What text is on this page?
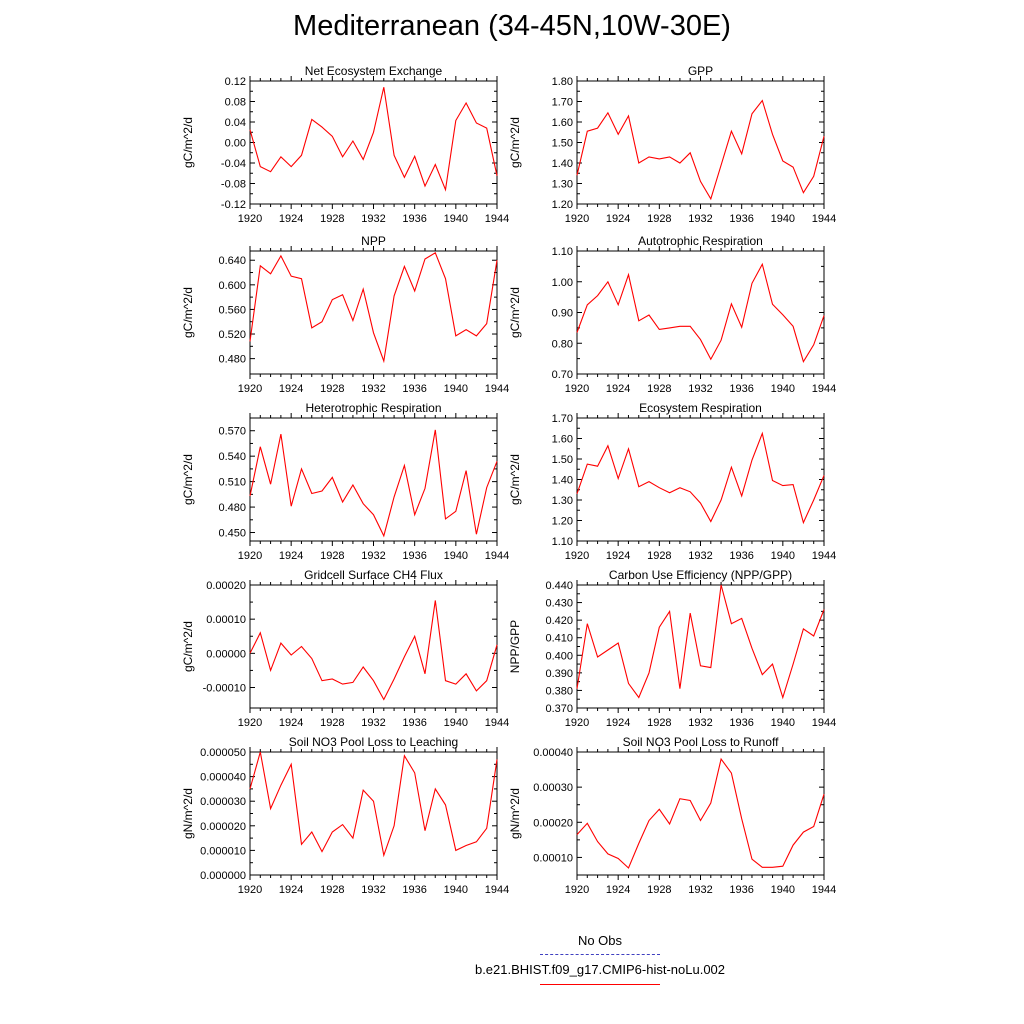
Mediterranean (34-45N,10W-30E)
Net Ecosystem Exchange
-0.12
-0.08
-0.04
0.00
0.04
0.08
0.12
1920 1924 1928 1932 1936 1940 1944
gC/m^2/d
GPP
1.20
1.30
1.40
1.50
1.60
1.70
1.80
1920 1924 1928 1932 1936 1940 1944
gC/m^2/d
NPP
0.480
0.520
0.560
0.600
0.640
1920 1924 1928 1932 1936 1940 1944
gC/m^2/d
Autotrophic Respiration
0.70
0.80
0.90
1.00
1.10
1920 1924 1928 1932 1936 1940 1944
gC/m^2/d
Heterotrophic Respiration
0.450
0.480
0.510
0.540
0.570
1920 1924 1928 1932 1936 1940 1944
gC/m^2/d
Ecosystem Respiration
1.10
1.20
1.30
1.40
1.50
1.60
1.70
1920 1924 1928 1932 1936 1940 1944
gC/m^2/d
Gridcell Surface CH4 Flux
-0.00010
0.00000
0.00010
0.00020
1920 1924 1928 1932 1936 1940 1944
gC/m^2/d
Carbon Use Efficiency (NPP/GPP)
0.370
0.380
0.390
0.400
0.410
0.420
0.430
0.440
1920 1924 1928 1932 1936 1940 1944
NPP/GPP
Soil NO3 Pool Loss to Leaching
0.000000
0.000010
0.000020
0.000030
0.000040
0.000050
1920 1924 1928 1932 1936 1940 1944
gN/m^2/d
Soil NO3 Pool Loss to Runoff
0.00010
0.00020
0.00030
0.00040
1920 1924 1928 1932 1936 1940 1944
gN/m^2/d
No Obs
b.e21.BHIST.f09_g17.CMIP6-hist-noLu.002
